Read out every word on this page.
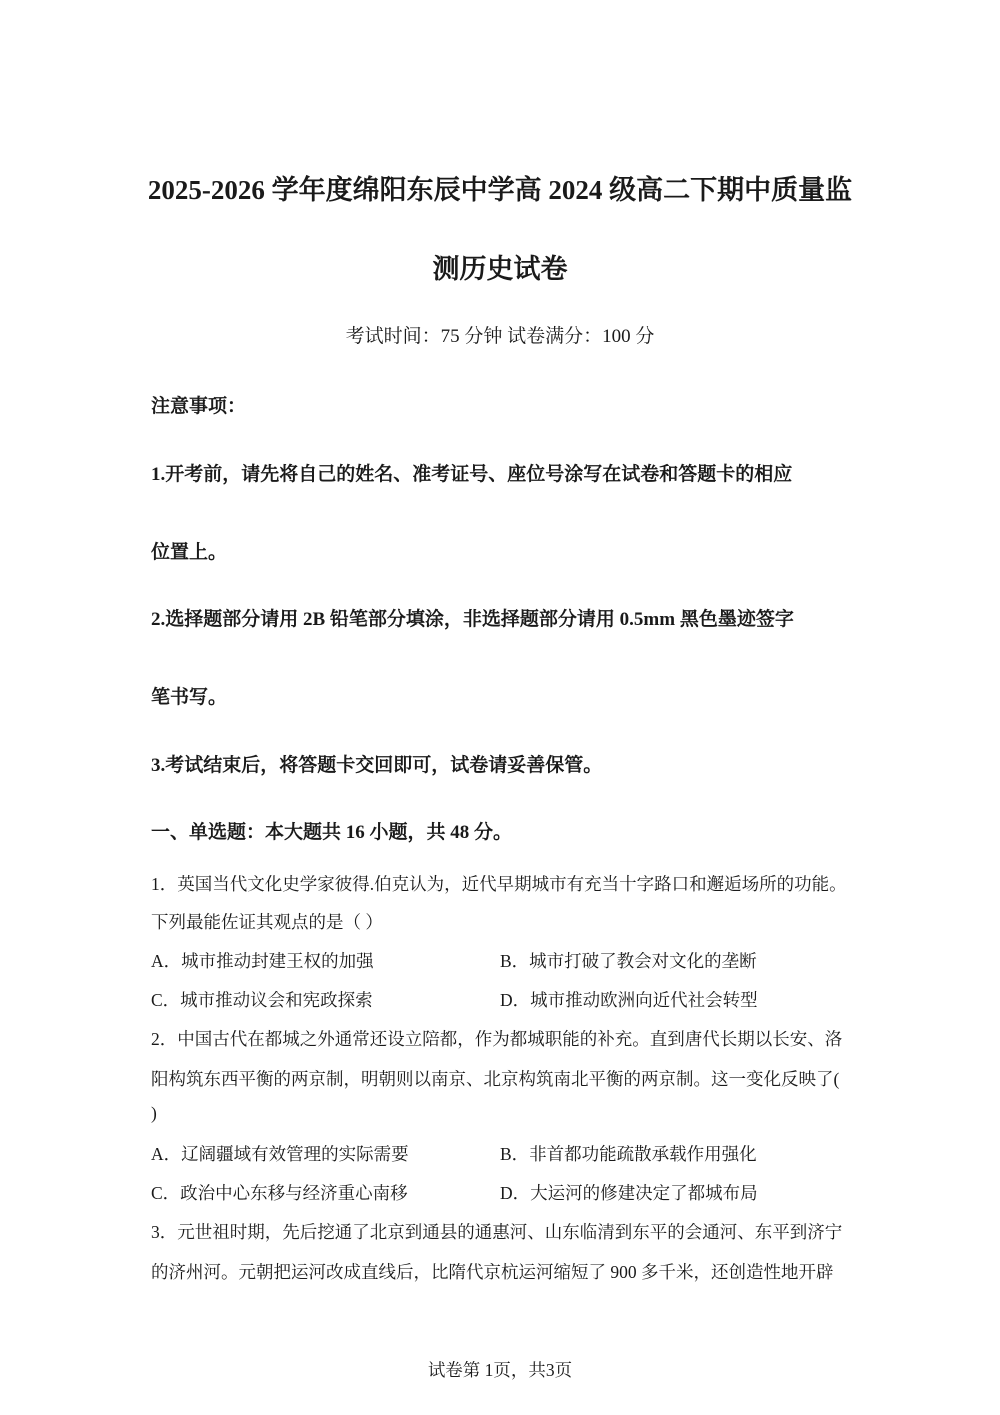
2025-2026 学年度绵阳东辰中学高 2024 级高二下期中质量监
测历史试卷
考试时间：75 分钟 试卷满分：100 分
注意事项：
1.开考前，请先将自己的姓名、准考证号、座位号涂写在试卷和答题卡的相应
位置上。
2.选择题部分请用 2B 铅笔部分填涂，非选择题部分请用 0.5mm 黑色墨迹签字
笔书写。
3.考试结束后，将答题卡交回即可，试卷请妥善保管。
一、单选题：本大题共 16 小题，共 48 分。
1．英国当代文化史学家彼得.伯克认为，近代早期城市有充当十字路口和邂逅场所的功能。
下列最能佐证其观点的是（ ）
A．城市推动封建王权的加强	B．城市打破了教会对文化的垄断
C．城市推动议会和宪政探索	D．城市推动欧洲向近代社会转型
2．中国古代在都城之外通常还设立陪都，作为都城职能的补充。直到唐代长期以长安、洛
阳构筑东西平衡的两京制，明朝则以南京、北京构筑南北平衡的两京制。这一变化反映了(
)
A．辽阔疆域有效管理的实际需要	B．非首都功能疏散承载作用强化
C．政治中心东移与经济重心南移	D．大运河的修建决定了都城布局
3．元世祖时期，先后挖通了北京到通县的通惠河、山东临清到东平的会通河、东平到济宁
的济州河。元朝把运河改成直线后，比隋代京杭运河缩短了 900 多千米，还创造性地开辟
试卷第 1页，共3页
